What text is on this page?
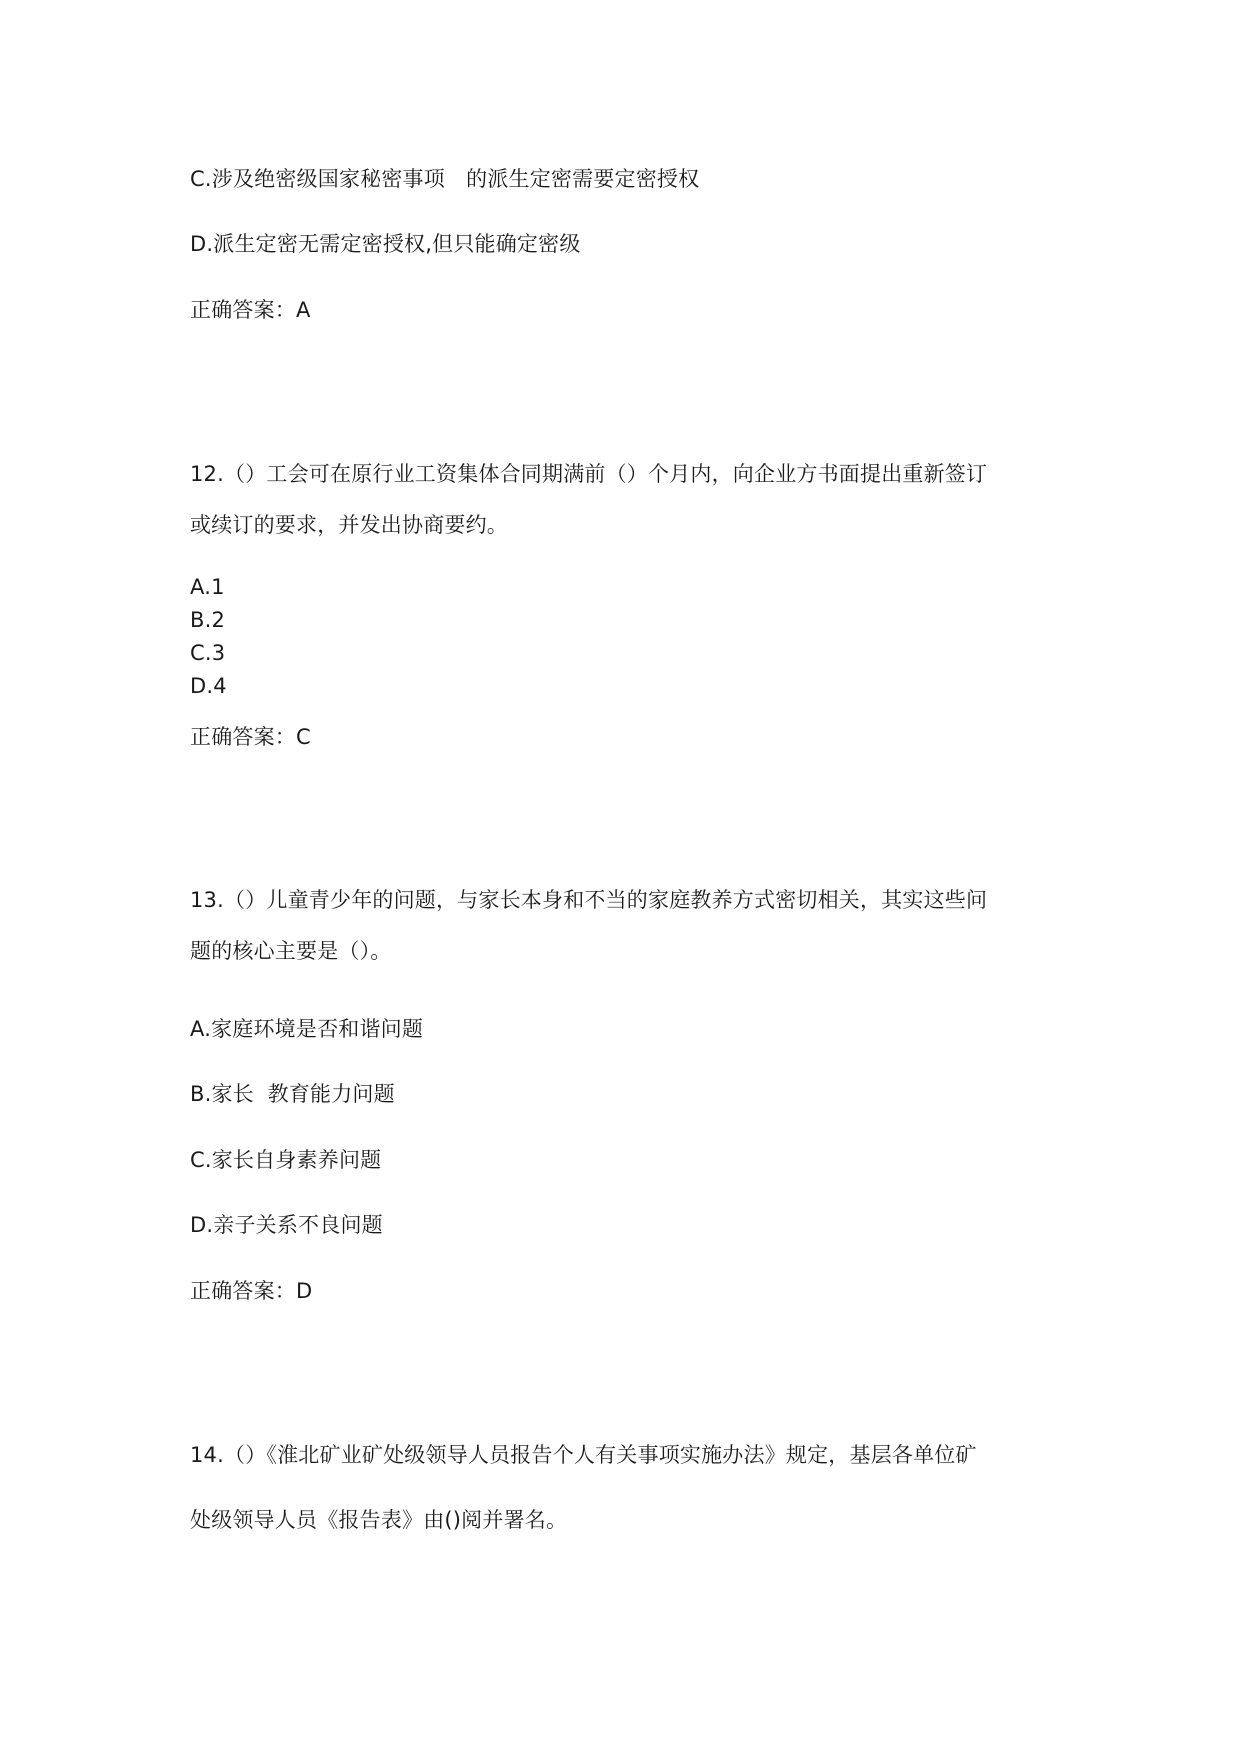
C.涉及绝密级国家秘密事项　的派生定密需要定密授权
D.派生定密无需定密授权,但只能确定密级
正确答案：A
12.（）工会可在原行业工资集体合同期满前（）个月内，向企业方书面提出重新签订
或续订的要求，并发出协商要约。
A.1
B.2
C.3
D.4
正确答案：C
13.（）儿童青少年的问题，与家长本身和不当的家庭教养方式密切相关，其实这些问
题的核心主要是（）。
A.家庭环境是否和谐问题
B.家长  教育能力问题
C.家长自身素养问题
D.亲子关系不良问题
正确答案：D
14.（）《淮北矿业矿处级领导人员报告个人有关事项实施办法》规定，基层各单位矿
处级领导人员《报告表》由()阅并署名。
